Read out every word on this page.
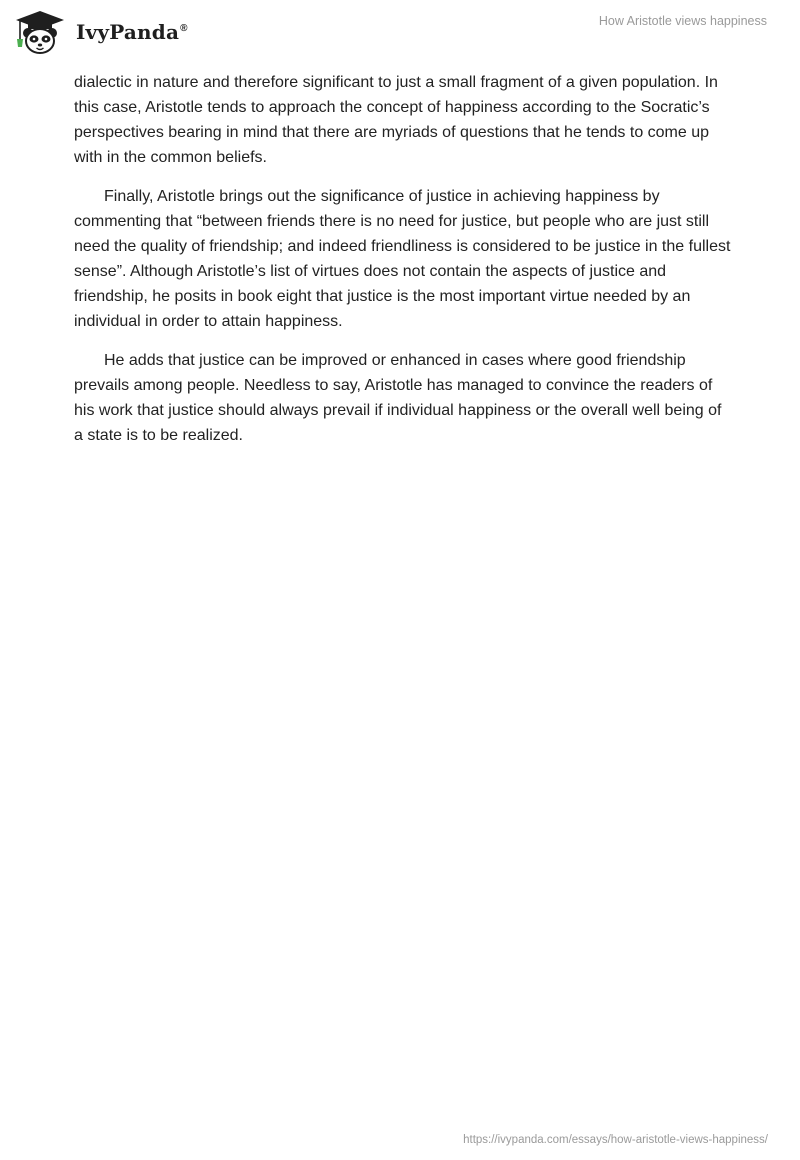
IvyPanda®
How Aristotle views happiness

dialectic in nature and therefore significant to just a small fragment of a given population. In this case, Aristotle tends to approach the concept of happiness according to the Socratic’s perspectives bearing in mind that there are myriads of questions that he tends to come up with in the common beliefs.

Finally, Aristotle brings out the significance of justice in achieving happiness by commenting that “between friends there is no need for justice, but people who are just still need the quality of friendship; and indeed friendliness is considered to be justice in the fullest sense”. Although Aristotle’s list of virtues does not contain the aspects of justice and friendship, he posits in book eight that justice is the most important virtue needed by an individual in order to attain happiness.

He adds that justice can be improved or enhanced in cases where good friendship prevails among people. Needless to say, Aristotle has managed to convince the readers of his work that justice should always prevail if individual happiness or the overall well being of a state is to be realized.

https://ivypanda.com/essays/how-aristotle-views-happiness/
